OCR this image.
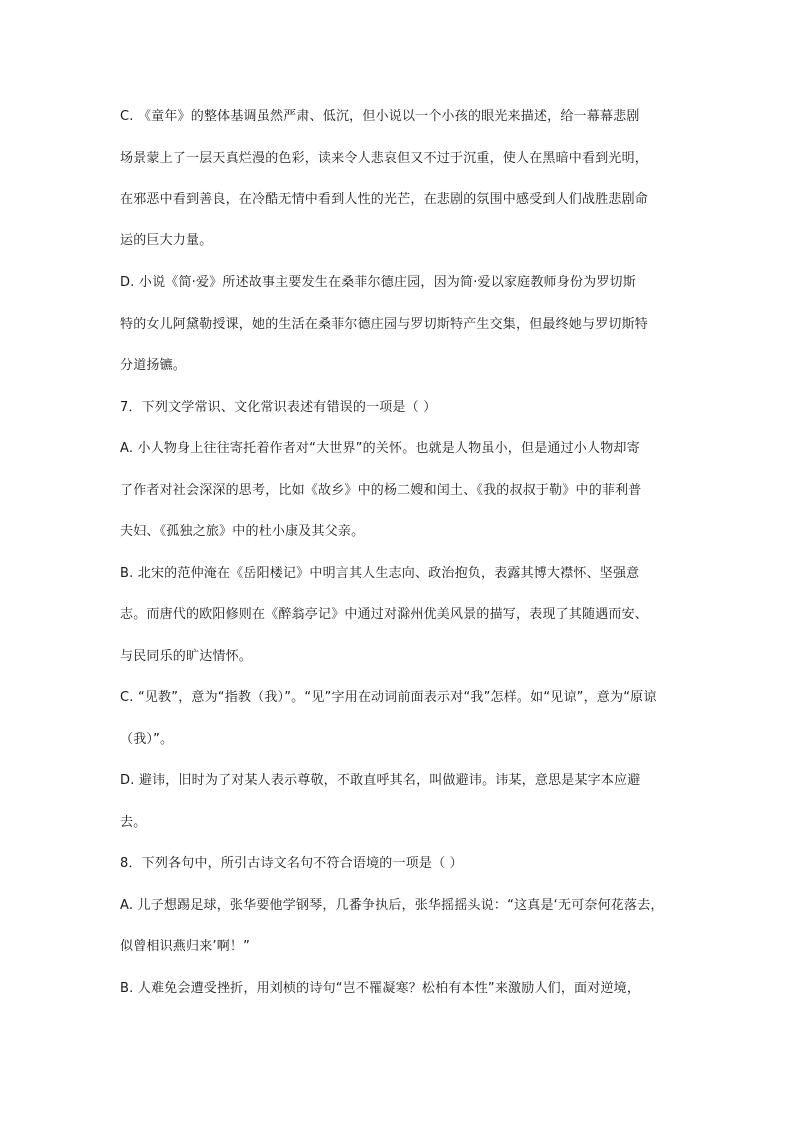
C. 《童年》的整体基调虽然严肃、低沉，但小说以一个小孩的眼光来描述，给一幕幕悲剧
场景蒙上了一层天真烂漫的色彩，读来令人悲哀但又不过于沉重，使人在黑暗中看到光明，
在邪恶中看到善良，在冷酷无情中看到人性的光芒，在悲剧的氛围中感受到人们战胜悲剧命
运的巨大力量。
D. 小说《简·爱》所述故事主要发生在桑菲尔德庄园，因为简·爱以家庭教师身份为罗切斯
特的女儿阿黛勒授课，她的生活在桑菲尔德庄园与罗切斯特产生交集，但最终她与罗切斯特
分道扬镳。
7．下列文学常识、文化常识表述有错误的一项是（ ）
A. 小人物身上往往寄托着作者对“大世界”的关怀。也就是人物虽小，但是通过小人物却寄
了作者对社会深深的思考，比如《故乡》中的杨二嫂和闰土、《我的叔叔于勒》中的菲利普
夫妇、《孤独之旅》中的杜小康及其父亲。
B. 北宋的范仲淹在《岳阳楼记》中明言其人生志向、政治抱负，表露其博大襟怀、坚强意
志。而唐代的欧阳修则在《醉翁亭记》中通过对滁州优美风景的描写，表现了其随遇而安、
与民同乐的旷达情怀。
C. “见教”，意为“指教（我）”。“见”字用在动词前面表示对“我”怎样。如“见谅”，意为“原谅
（我）”。
D. 避讳，旧时为了对某人表示尊敬，不敢直呼其名，叫做避讳。讳某，意思是某字本应避
去。
8．下列各句中，所引古诗文名句不符合语境的一项是（ ）
A. 儿子想踢足球，张华要他学钢琴，几番争执后，张华摇摇头说：“这真是‘无可奈何花落去，
似曾相识燕归来’啊！”
B. 人难免会遭受挫折，用刘桢的诗句“岂不罹凝寒？松柏有本性”来激励人们，面对逆境，
